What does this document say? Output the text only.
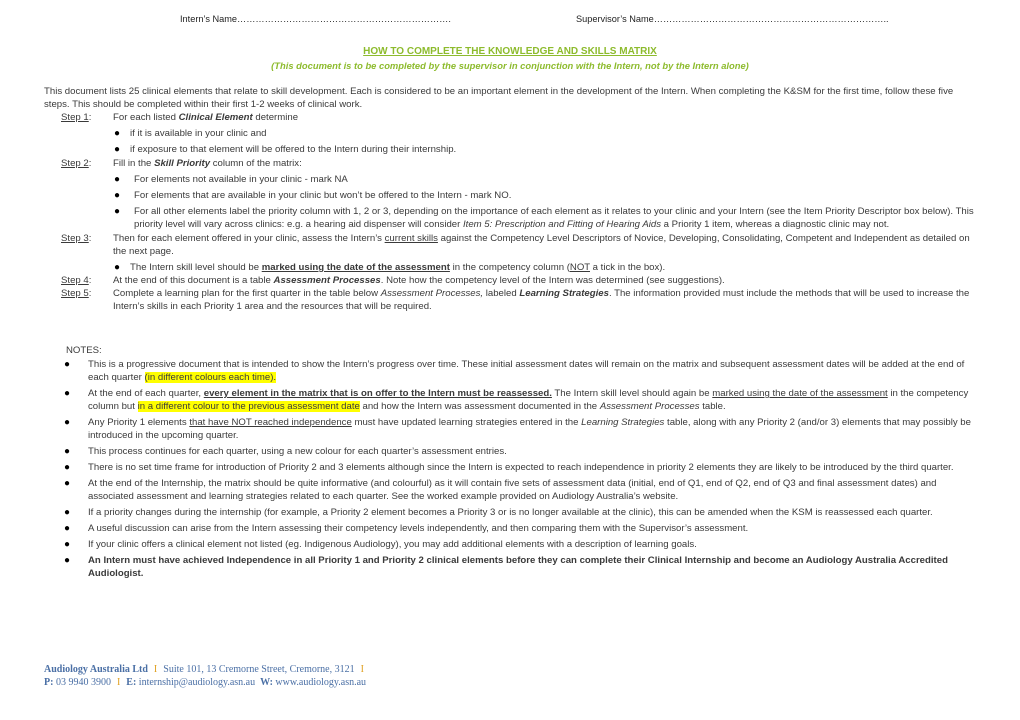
Intern’s Name…………………………………………………………….	Supervisor’s Name…………………………………………………………………..
HOW TO COMPLETE THE KNOWLEDGE AND SKILLS MATRIX
(This document is to be completed by the supervisor in conjunction with the Intern, not by the Intern alone)
This document lists 25 clinical elements that relate to skill development. Each is considered to be an important element in the development of the Intern. When completing the K&SM for the first time, follow these five steps. This should be completed within their first 1-2 weeks of clinical work.
Step 1: For each listed Clinical Element determine
● if it is available in your clinic and
● if exposure to that element will be offered to the Intern during their internship.
Step 2: Fill in the Skill Priority column of the matrix:
● For elements not available in your clinic - mark NA
● For elements that are available in your clinic but won’t be offered to the Intern - mark NO.
● For all other elements label the priority column with 1, 2 or 3, depending on the importance of each element as it relates to your clinic and your Intern (see the Item Priority Descriptor box below). This priority level will vary across clinics: e.g. a hearing aid dispenser will consider Item 5: Prescription and Fitting of Hearing Aids a Priority 1 item, whereas a diagnostic clinic may not.
Step 3: Then for each element offered in your clinic, assess the Intern’s current skills against the Competency Level Descriptors of Novice, Developing, Consolidating, Competent and Independent as detailed on the next page.
● The Intern skill level should be marked using the date of the assessment in the competency column (NOT a tick in the box).
Step 4: At the end of this document is a table Assessment Processes. Note how the competency level of the Intern was determined (see suggestions).
Step 5: Complete a learning plan for the first quarter in the table below Assessment Processes, labeled Learning Strategies. The information provided must include the methods that will be used to increase the Intern’s skills in each Priority 1 area and the resources that will be required.
NOTES:
● This is a progressive document that is intended to show the Intern’s progress over time. These initial assessment dates will remain on the matrix and subsequent assessment dates will be added at the end of each quarter (in different colours each time).
● At the end of each quarter, every element in the matrix that is on offer to the Intern must be reassessed. The Intern skill level should again be marked using the date of the assessment in the competency column but in a different colour to the previous assessment date and how the Intern was assessment documented in the Assessment Processes table.
● Any Priority 1 elements that have NOT reached independence must have updated learning strategies entered in the Learning Strategies table, along with any Priority 2 (and/or 3) elements that may possibly be introduced in the upcoming quarter.
● This process continues for each quarter, using a new colour for each quarter’s assessment entries.
● There is no set time frame for introduction of Priority 2 and 3 elements although since the Intern is expected to reach independence in priority 2 elements they are likely to be introduced by the third quarter.
● At the end of the Internship, the matrix should be quite informative (and colourful) as it will contain five sets of assessment data (initial, end of Q1, end of Q2, end of Q3 and final assessment dates) and associated assessment and learning strategies related to each quarter. See the worked example provided on Audiology Australia’s website.
● If a priority changes during the internship (for example, a Priority 2 element becomes a Priority 3 or is no longer available at the clinic), this can be amended when the KSM is reassessed each quarter.
● A useful discussion can arise from the Intern assessing their competency levels independently, and then comparing them with the Supervisor’s assessment.
● If your clinic offers a clinical element not listed (eg. Indigenous Audiology), you may add additional elements with a description of learning goals.
● An Intern must have achieved Independence in all Priority 1 and Priority 2 clinical elements before they can complete their Clinical Internship and become an Audiology Australia Accredited Audiologist.
Audiology Australia Ltd I Suite 101, 13 Cremorne Street, Cremorne, 3121 I
P: 03 9940 3900 I E: internship@audiology.asn.au W: www.audiology.asn.au
